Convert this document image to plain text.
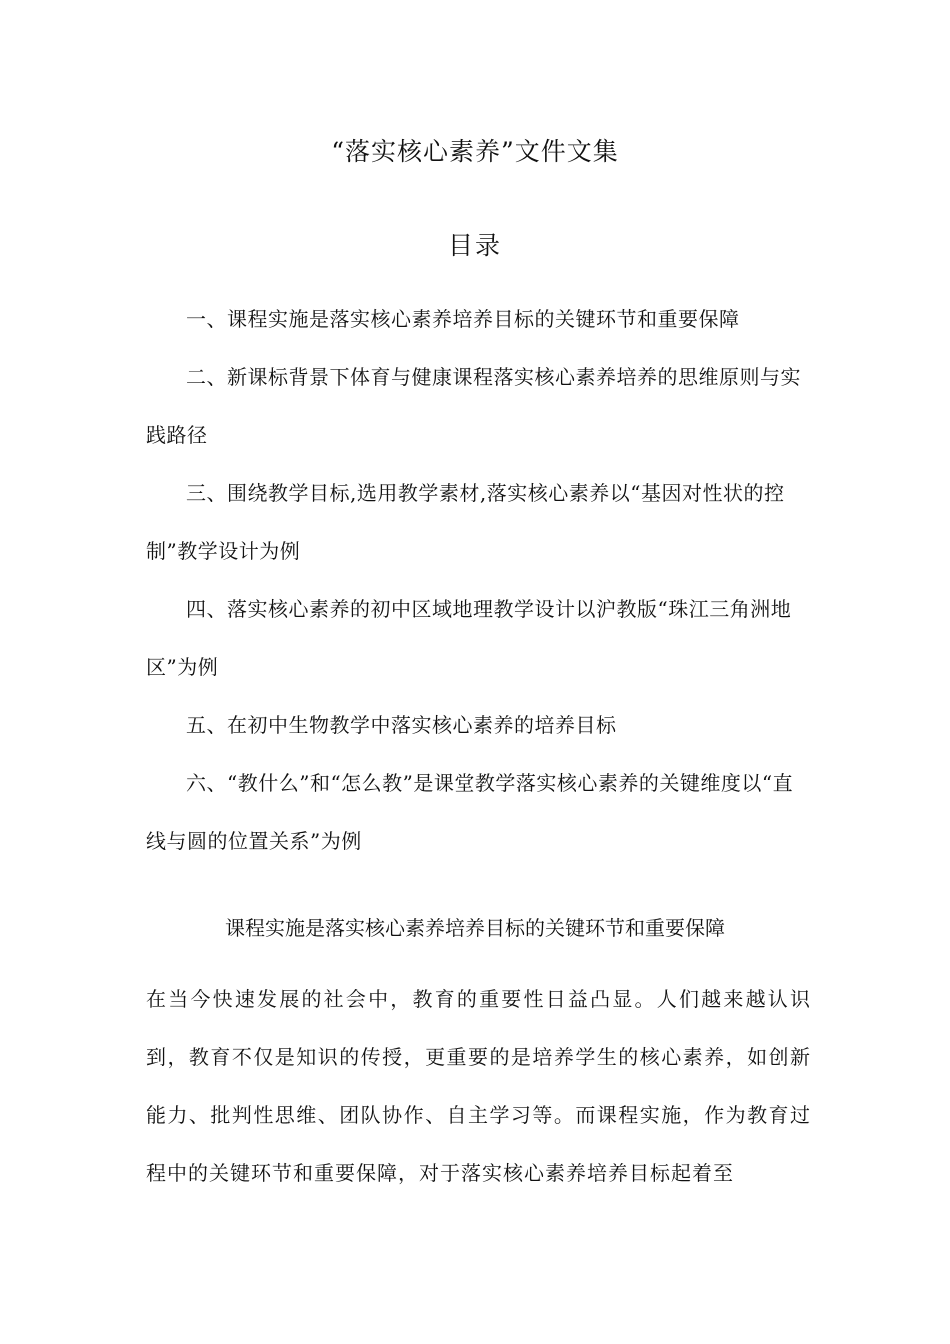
“落实核心素养”文件文集
目录
一、课程实施是落实核心素养培养目标的关键环节和重要保障
二、新课标背景下体育与健康课程落实核心素养培养的思维原则与实践路径
三、围绕教学目标,选用教学素材,落实核心素养以“基因对性状的控制”教学设计为例
四、落实核心素养的初中区域地理教学设计以沪教版“珠江三角洲地区”为例
五、在初中生物教学中落实核心素养的培养目标
六、“教什么”和“怎么教”是课堂教学落实核心素养的关键维度以“直线与圆的位置关系”为例
课程实施是落实核心素养培养目标的关键环节和重要保障

在当今快速发展的社会中，教育的重要性日益凸显。人们越来越认识到，教育不仅是知识的传授，更重要的是培养学生的核心素养，如创新能力、批判性思维、团队协作、自主学习等。而课程实施，作为教育过程中的关键环节和重要保障，对于落实核心素养培养目标起着至
